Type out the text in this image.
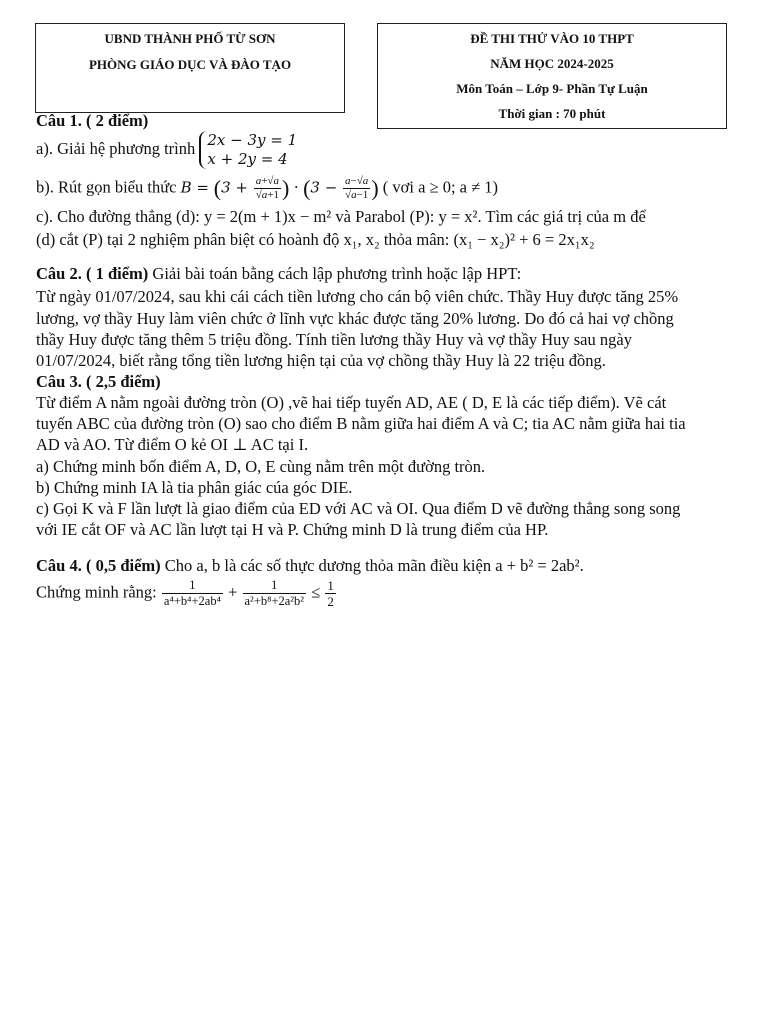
UBND THÀNH PHỐ TỪ SƠN
PHÒNG GIÁO DỤC VÀ ĐÀO TẠO
ĐỀ THI THỬ VÀO 10 THPT
NĂM HỌC 2024-2025
Môn Toán – Lớp 9- Phần Tự Luận
Thời gian : 70 phút
Câu 1. ( 2 điểm)
a). Giải hệ phương trình 2x − 3y = 1
x + 2y = 4
b). Rút gọn biểu thức $B = (3 + \frac{a+√a}{√a+1}$ ) · ($3 - \frac{a-√a}{√a-1}$ ) ( vơi a ≥ 0; a ≠ 1)
c). Cho đường thẳng (d): y = 2(m + 1)x − m² và Parabol (P): y = x². Tìm các giá trị của m để
(d) cắt (P) tại 2 nghiệm phân biệt có hoành độ x₁, x₂ thỏa mân: (x₁ − x₂)² + 6 = 2x₁x₂
Câu 2. ( 1 điểm) Giải bài toán bằng cách lập phương trình hoặc lập HPT:
Từ ngày 01/07/2024, sau khi cái cách tiền lương cho cán bộ viên chức. Thầy Huy được tăng 25%
lương, vợ thầy Huy làm viên chức ở lĩnh vực khác được tăng 20% lương. Do đó cả hai vợ chồng
thầy Huy được tăng thêm 5 triệu đồng. Tính tiền lương thầy Huy và vợ thầy Huy sau ngày
01/07/2024, biết rằng tổng tiền lương hiện tại của vợ chồng thầy Huy là 22 triệu đồng.
Câu 3. ( 2,5 điểm)
Từ điểm A nằm ngoài đường tròn (O) ,vẽ hai tiếp tuyến AD, AE ( D, E là các tiếp điểm). Vẽ cát
tuyến ABC của đường tròn (O) sao cho điểm B nằm giữa hai điểm A và C; tia AC nằm giữa hai tia
AD và AO. Từ điểm O kẻ OI ⊥ AC tại I.
a) Chứng minh bốn điểm A, D, O, E cùng nằm trên một đường tròn.
b) Chứng minh IA là tia phân giác cúa góc DIE.
c) Gọi K và F lần lượt là giao điểm của ED với AC và OI. Qua điểm D vẽ đường thẳng song song
với IE cắt OF và AC lần lượt tại H và P. Chứng minh D là trung điểm của HP.
Câu 4. ( 0,5 điểm) Cho a, b là các số thực dương thỏa mãn điều kiện a + b² = 2ab².
Chứng minh rằng: $\frac{1}{\text{a⁴+b⁴+2ab⁴}} + \frac{1}{\text{a²+b⁸+2a²b²}} \le \frac{1}{2}$
